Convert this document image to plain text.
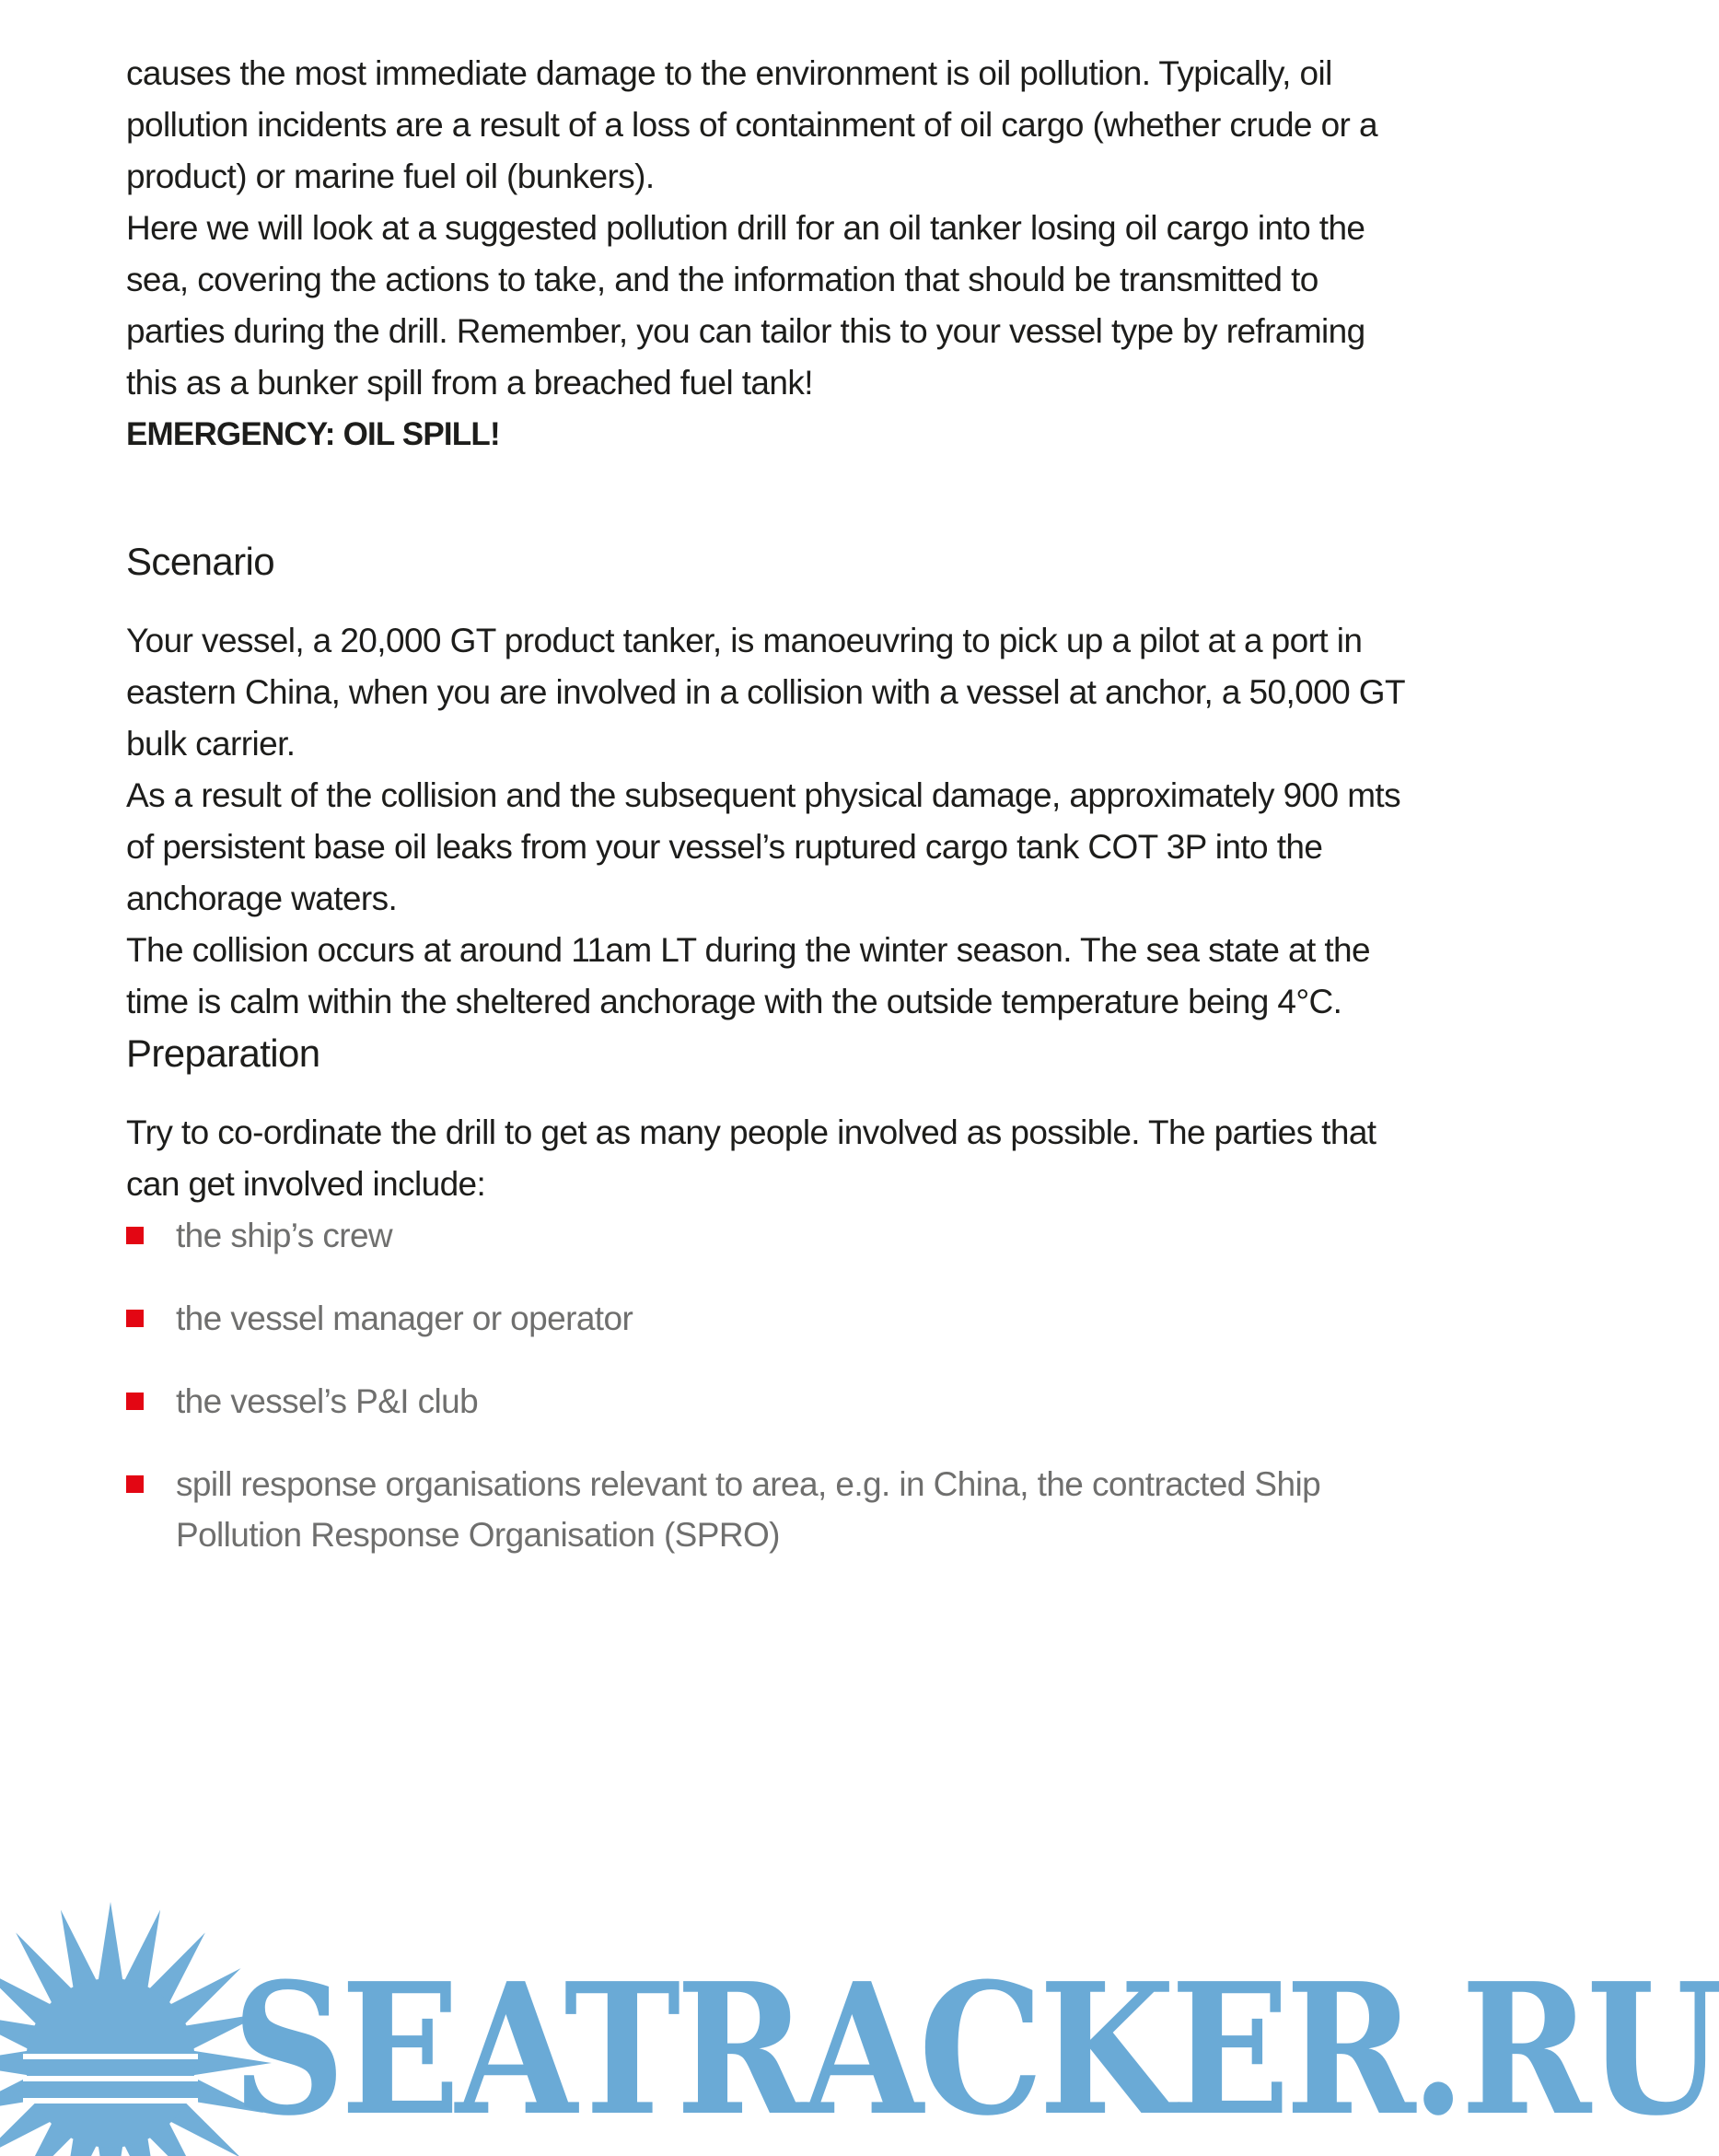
causes the most immediate damage to the environment is oil pollution. Typically, oil pollution incidents are a result of a loss of containment of oil cargo (whether crude or a product) or marine fuel oil (bunkers).

Here we will look at a suggested pollution drill for an oil tanker losing oil cargo into the sea, covering the actions to take, and the information that should be transmitted to parties during the drill. Remember, you can tailor this to your vessel type by reframing this as a bunker spill from a breached fuel tank!

EMERGENCY: OIL SPILL!

Scenario

Your vessel, a 20,000 GT product tanker, is manoeuvring to pick up a pilot at a port in eastern China, when you are involved in a collision with a vessel at anchor, a 50,000 GT bulk carrier.

As a result of the collision and the subsequent physical damage, approximately 900 mts of persistent base oil leaks from your vessel’s ruptured cargo tank COT 3P into the anchorage waters.

The collision occurs at around 11am LT during the winter season. The sea state at the time is calm within the sheltered anchorage with the outside temperature being 4°C.

Preparation

Try to co-ordinate the drill to get as many people involved as possible. The parties that can get involved include:

the ship’s crew
the vessel manager or operator
the vessel’s P&I club
spill response organisations relevant to area, e.g. in China, the contracted Ship Pollution Response Organisation (SPRO)
SEATRACKER.RU
